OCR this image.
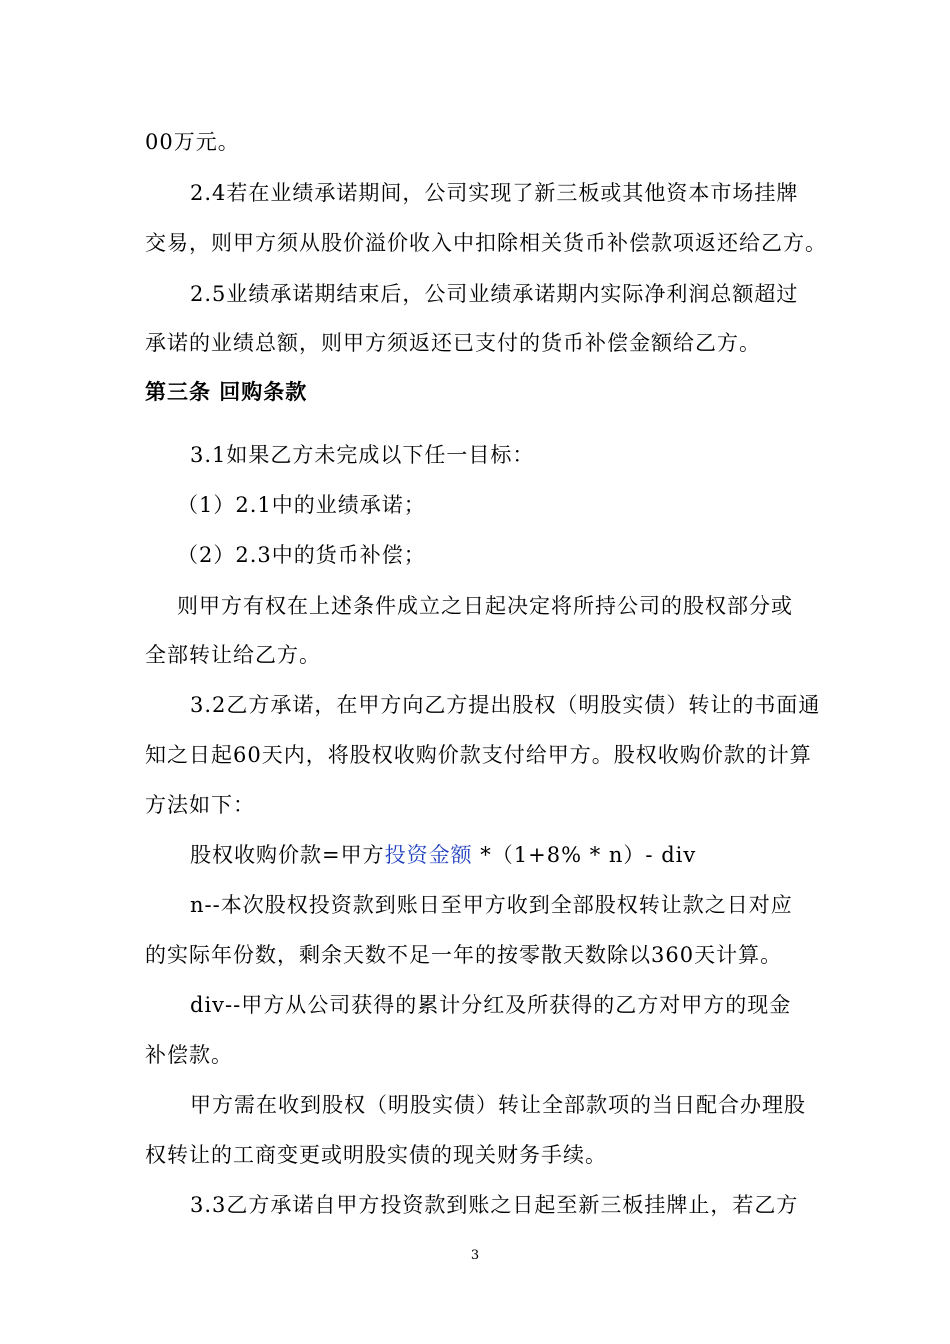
00万元。
2.4若在业绩承诺期间，公司实现了新三板或其他资本市场挂牌
交易，则甲方须从股价溢价收入中扣除相关货币补偿款项返还给乙方。
2.5业绩承诺期结束后，公司业绩承诺期内实际净利润总额超过
承诺的业绩总额，则甲方须返还已支付的货币补偿金额给乙方。
第三条 回购条款
3.1如果乙方未完成以下任一目标：
（1）2.1中的业绩承诺；
（2）2.3中的货币补偿；
则甲方有权在上述条件成立之日起决定将所持公司的股权部分或
全部转让给乙方。
3.2乙方承诺，在甲方向乙方提出股权（明股实债）转让的书面通
知之日起60天内，将股权收购价款支付给甲方。股权收购价款的计算
方法如下：
股权收购价款=甲方投资金额 *（1+8% * n）- div
n--本次股权投资款到账日至甲方收到全部股权转让款之日对应
的实际年份数，剩余天数不足一年的按零散天数除以360天计算。
div--甲方从公司获得的累计分红及所获得的乙方对甲方的现金
补偿款。
甲方需在收到股权（明股实债）转让全部款项的当日配合办理股
权转让的工商变更或明股实债的现关财务手续。
3.3乙方承诺自甲方投资款到账之日起至新三板挂牌止，若乙方
3
